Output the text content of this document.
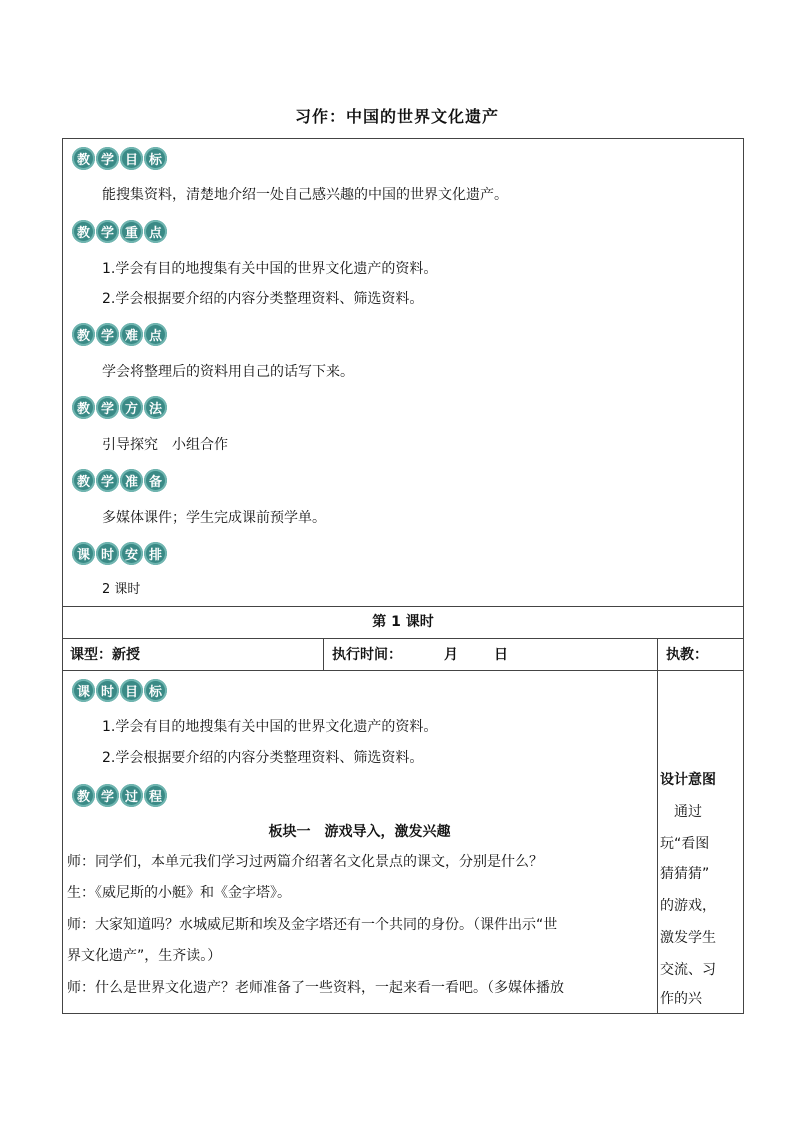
习作：中国的世界文化遗产
教 学 目 标
能搜集资料，清楚地介绍一处自己感兴趣的中国的世界文化遗产。
教 学 重 点
1.学会有目的地搜集有关中国的世界文化遗产的资料。
2.学会根据要介绍的内容分类整理资料、筛选资料。
教 学 难 点
学会将整理后的资料用自己的话写下来。
教 学 方 法
引导探究　小组合作
教 学 准 备
多媒体课件；学生完成课前预学单。
课 时 安 排
2 课时
第 1 课时
课型：新授	执行时间：	月	日	执教：
课 时 目 标
1.学会有目的地搜集有关中国的世界文化遗产的资料。
2.学会根据要介绍的内容分类整理资料、筛选资料。
教 学 过 程
板块一　游戏导入，激发兴趣
师：同学们，本单元我们学习过两篇介绍著名文化景点的课文，分别是什么？
生：《威尼斯的小艇》和《金字塔》。
师：大家知道吗？水城威尼斯和埃及金字塔还有一个共同的身份。（课件出示“世
界文化遗产”，生齐读。）
师：什么是世界文化遗产？老师准备了一些资料，一起来看一看吧。（多媒体播放
设计意图
　通过
玩“看图
猜猜猜”
的游戏，
激发学生
交流、习
作的兴
